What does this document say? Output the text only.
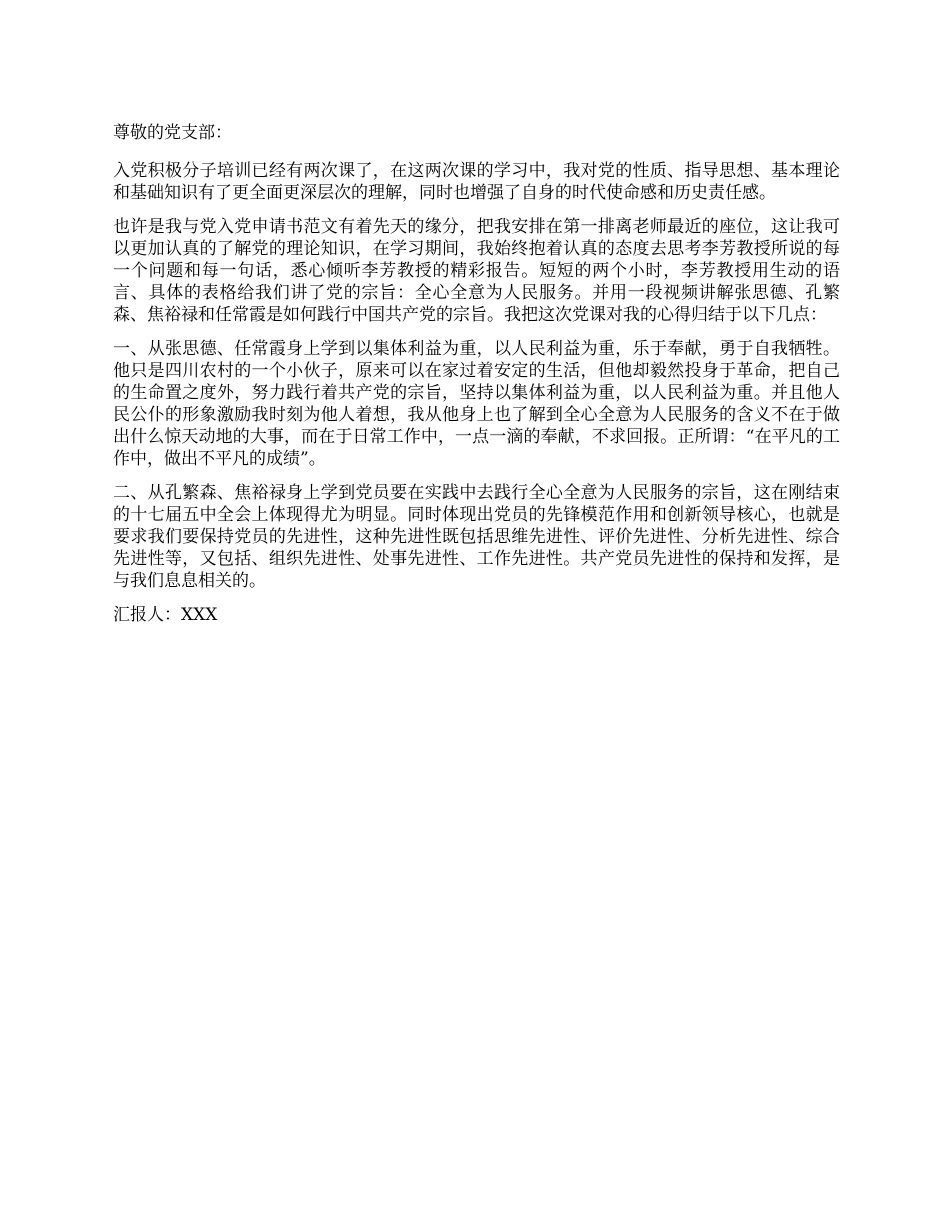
尊敬的党支部：

入党积极分子培训已经有两次课了，在这两次课的学习中，我对党的性质、指导思想、基本理论和基础知识有了更全面更深层次的理解，同时也增强了自身的时代使命感和历史责任感。

也许是我与党入党申请书范文有着先天的缘分，把我安排在第一排离老师最近的座位，这让我可以更加认真的了解党的理论知识，在学习期间，我始终抱着认真的态度去思考李芳教授所说的每一个问题和每一句话，悉心倾听李芳教授的精彩报告。短短的两个小时，李芳教授用生动的语言、具体的表格给我们讲了党的宗旨：全心全意为人民服务。并用一段视频讲解张思德、孔繁森、焦裕禄和任常霞是如何践行中国共产党的宗旨。我把这次党课对我的心得归结于以下几点：

一、从张思德、任常霞身上学到以集体利益为重，以人民利益为重，乐于奉献，勇于自我牺牲。他只是四川农村的一个小伙子，原来可以在家过着安定的生活，但他却毅然投身于革命，把自己的生命置之度外，努力践行着共产党的宗旨，坚持以集体利益为重，以人民利益为重。并且他人民公仆的形象激励我时刻为他人着想，我从他身上也了解到全心全意为人民服务的含义不在于做出什么惊天动地的大事，而在于日常工作中，一点一滴的奉献，不求回报。正所谓：“在平凡的工作中，做出不平凡的成绩”。

二、从孔繁森、焦裕禄身上学到党员要在实践中去践行全心全意为人民服务的宗旨，这在刚结束的十七届五中全会上体现得尤为明显。同时体现出党员的先锋模范作用和创新领导核心，也就是要求我们要保持党员的先进性，这种先进性既包括思维先进性、评价先进性、分析先进性、综合先进性等，又包括、组织先进性、处事先进性、工作先进性。共产党员先进性的保持和发挥，是与我们息息相关的。

汇报人：XXX
